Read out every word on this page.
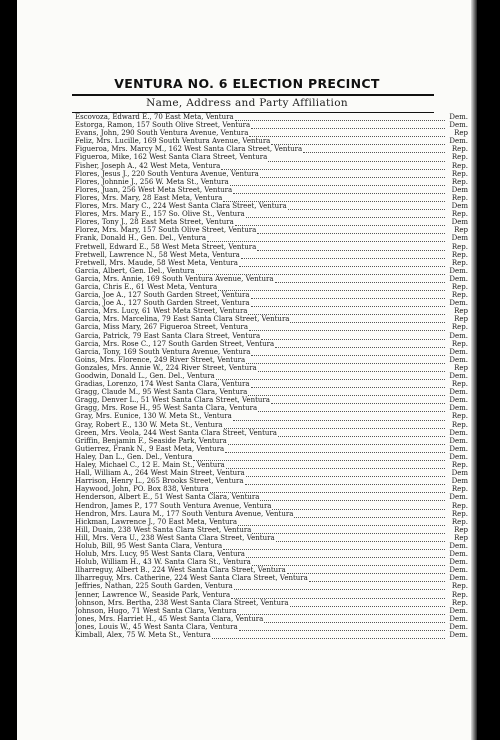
VENTURA NO. 6 ELECTION PRECINCT
Name, Address and Party Affiliation
Escovoza, Edward E., 70 East Meta, Ventura	Dem.
Estorga, Ramon, 157 South Olive Street, Ventura	Dem.
Evans, John, 290 South Ventura Avenue, Ventura	Rep
Feliz, Mrs. Lucille, 169 South Ventura Avenue, Ventura	Dem.
Figueroa, Mrs. Marcy M., 162 West Santa Clara Street, Ventura	Rep.
Figueroa, Mike, 162 West Santa Clara Street, Ventura	Rep.
Fisher, Joseph A., 42 West Meta, Ventura	Rep.
Flores, Jesus J., 220 South Ventura Avenue, Ventura	Rep.
Flores, Johnnie J., 256 W. Meta St., Ventura	Rep.
Flores, Juan, 256 West Meta Street, Ventura	Dem
Flores, Mrs. Mary, 28 East Meta, Ventura	Rep.
Flores, Mrs. Mary C., 224 West Santa Clara Street, Ventura	Dem
Flores, Mrs. Mary E., 157 So. Olive St., Ventura	Rep.
Flores, Tony J., 28 East Meta Street, Ventura	Dem
Florez, Mrs. Mary, 157 South Olive Street, Ventura	Rep
Frank, Donald H., Gen. Del., Ventura	Dem
Fretwell, Edward E., 58 West Meta Street, Ventura	Rep.
Fretwell, Lawrence N., 58 West Meta, Ventura	Rep.
Fretwell, Mrs. Maude, 58 West Meta, Ventura	Rep.
Garcia, Albert, Gen. Del., Ventura	Dem.
Garcia, Mrs. Annie, 169 South Ventura Avenue, Ventura	Dem.
Garcia, Chris E., 61 West Meta, Ventura	Rep.
Garcia, Joe A., 127 South Garden Street, Ventura	Rep.
Garcia, Joe A., 127 South Garden Street, Ventura	Dem.
Garcia, Mrs. Lucy, 61 West Meta Street, Ventura	Rep
Garcia, Mrs. Marcelina, 79 East Santa Clara Street, Ventura	Rep
Garcia, Miss Mary, 267 Figueroa Street, Ventura	Rep.
Garcia, Patrick, 79 East Santa Clara Street, Ventura	Dem.
Garcia, Mrs. Rose C., 127 South Garden Street, Ventura	Rep.
Garcia, Tony, 169 South Ventura Avenue, Ventura	Dem.
Goins, Mrs. Florence, 249 River Street, Ventura	Dem.
Gonzales, Mrs. Annie W., 224 River Street, Ventura	Rep
Goodwin, Donald L., Gen. Del., Ventura	Dem.
Gradias, Lorenzo, 174 West Santa Clara, Ventura	Rep.
Gragg, Claude M., 95 West Santa Clara, Ventura	Dem.
Gragg, Denver L., 51 West Santa Clara Street, Ventura	Dem.
Gragg, Mrs. Rose H., 95 West Santa Clara, Ventura	Dem.
Gray, Mrs. Eunice, 130 W. Meta St., Ventura	Rep.
Gray, Robert E., 130 W. Meta St., Ventura	Rep.
Green, Mrs. Veola, 244 West Santa Clara Street, Ventura	Dem.
Griffin, Benjamin F., Seaside Park, Ventura	Dem.
Gutierrez, Frank N., 9 East Meta, Ventura	Dem.
Haley, Dan L., Gen. Del., Ventura	Dem.
Haley, Michael C., 12 E. Main St., Ventura	Rep.
Hall, William A., 264 West Main Street, Ventura	Dem
Harrison, Henry L., 265 Brooks Street, Ventura	Dem
Haywood, John, PO. Box 838, Ventura	Rep.
Henderson, Albert E., 51 West Santa Clara, Ventura	Dem.
Hendron, James P., 177 South Ventura Avenue, Ventura	Rep.
Hendron, Mrs. Laura M., 177 South Ventura Avenue, Ventura	Rep.
Hickman, Lawrence J., 70 East Meta, Ventura	Rep.
Hill, Duain, 238 West Santa Clara Street, Ventura	Rep
Hill, Mrs. Vera U., 238 West Santa Clara Street, Ventura	Rep
Holub, Bill, 95 West Santa Clara, Ventura	Dem.
Holub, Mrs. Lucy, 95 West Santa Clara, Ventura	Dem.
Holub, William H., 43 W. Santa Clara St., Ventura	Dem.
Ilharreguy, Albert B., 224 West Santa Clara Street, Ventura	Dem.
Ilharreguy, Mrs. Catherine, 224 West Santa Clara Street, Ventura	Dem.
Jeffries, Nathan, 225 South Garden, Ventura	Rep.
Jenner, Lawrence W., Seaside Park, Ventura	Rep.
Johnson, Mrs. Bertha, 238 West Santa Clara Street, Ventura	Rep.
Johnson, Hugo, 71 West Santa Clara, Ventura	Dem.
Jones, Mrs. Harriet H., 45 West Santa Clara, Ventura	Dem.
Jones, Louis W., 45 West Santa Clara, Ventura	Dem.
Kimball, Alex, 75 W. Meta St., Ventura	Dem.
